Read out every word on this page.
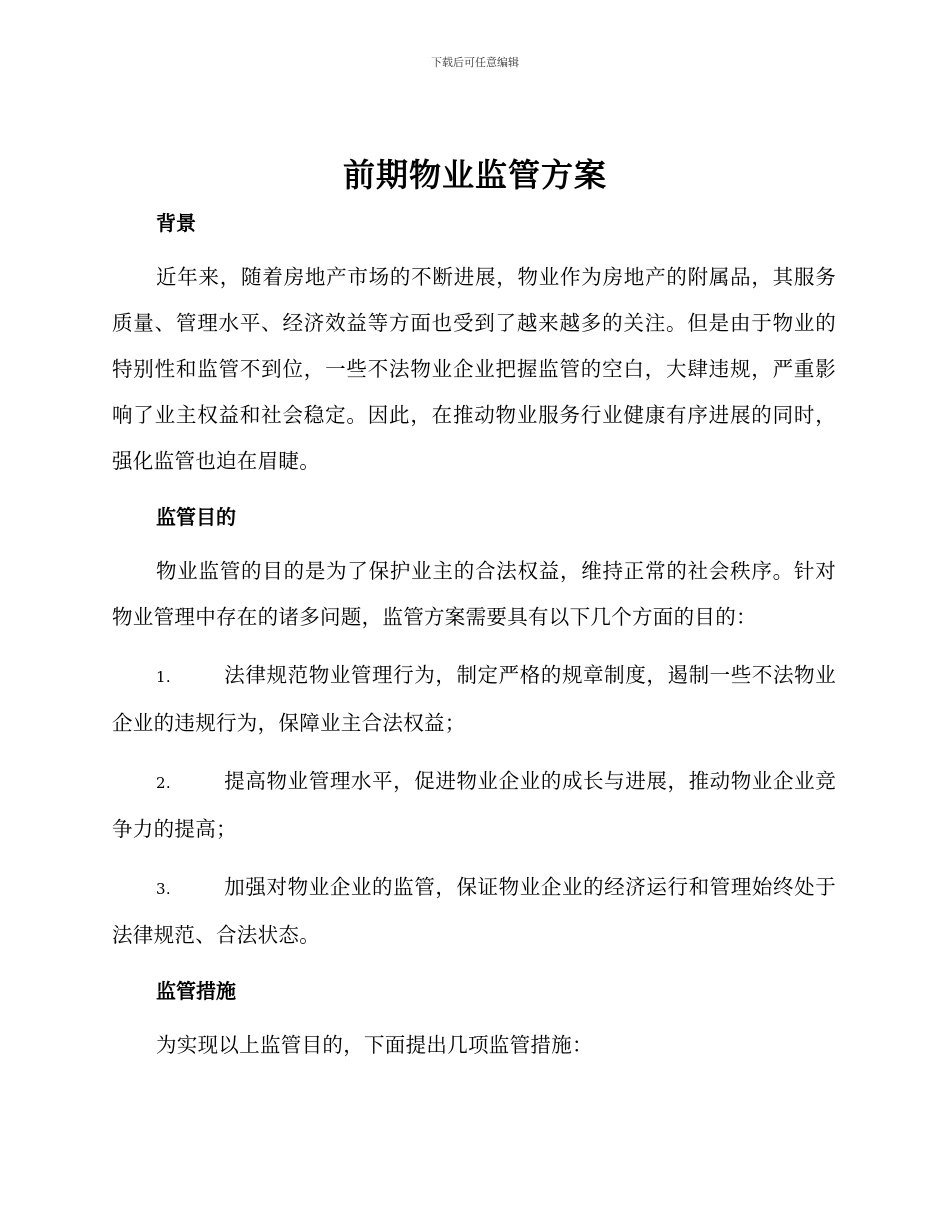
下载后可任意编辑
前期物业监管方案
背景

近年来，随着房地产市场的不断进展，物业作为房地产的附属品，其服务质量、管理水平、经济效益等方面也受到了越来越多的关注。但是由于物业的特别性和监管不到位，一些不法物业企业把握监管的空白，大肆违规，严重影响了业主权益和社会稳定。因此，在推动物业服务行业健康有序进展的同时，强化监管也迫在眉睫。

监管目的

物业监管的目的是为了保护业主的合法权益，维持正常的社会秩序。针对物业管理中存在的诸多问题，监管方案需要具有以下几个方面的目的：

1.	法律规范物业管理行为，制定严格的规章制度，遏制一些不法物业企业的违规行为，保障业主合法权益；

2.	提高物业管理水平，促进物业企业的成长与进展，推动物业企业竞争力的提高；

3.	加强对物业企业的监管，保证物业企业的经济运行和管理始终处于法律规范、合法状态。

监管措施

为实现以上监管目的，下面提出几项监管措施：
